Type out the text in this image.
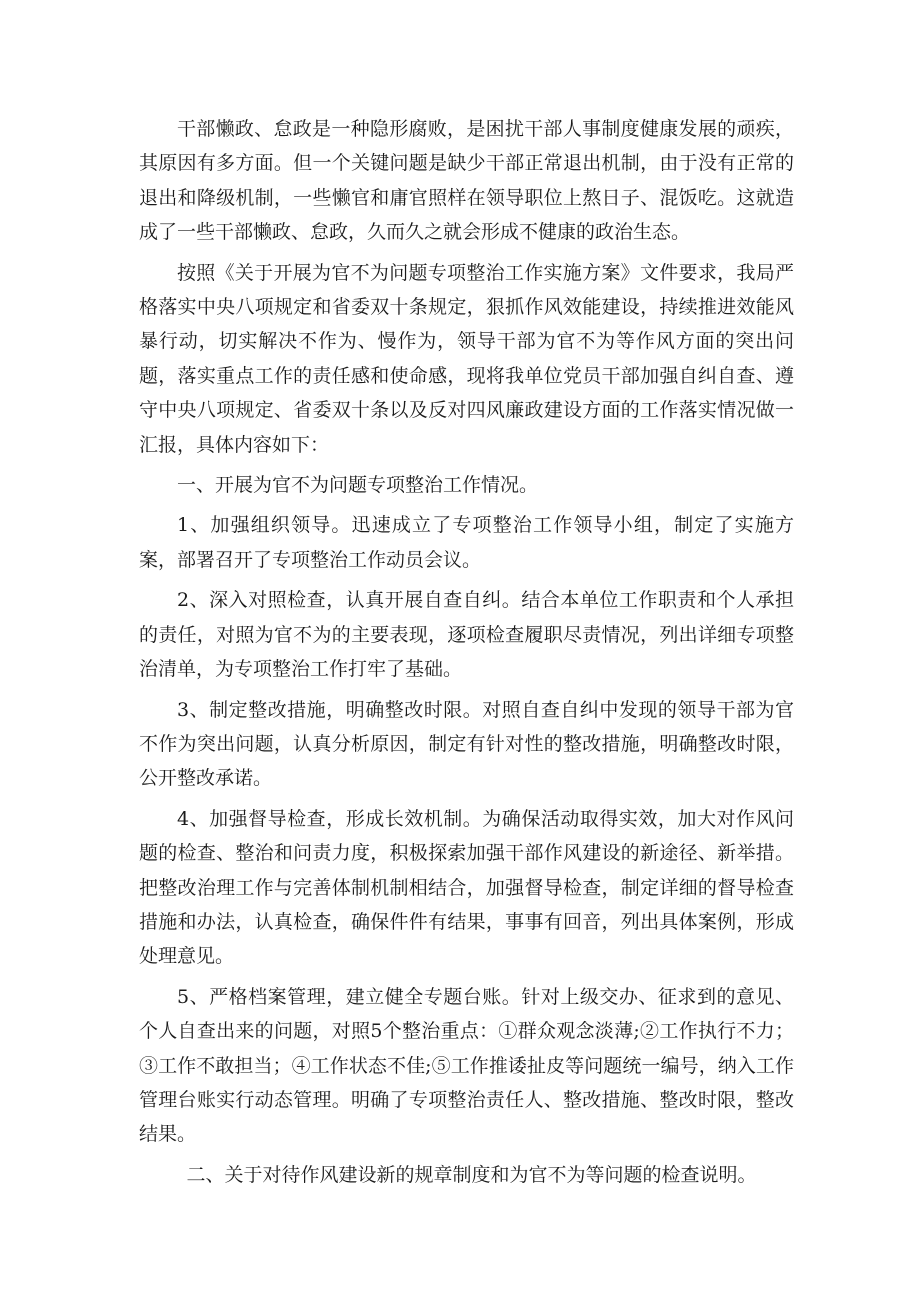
干部懒政、怠政是一种隐形腐败，是困扰干部人事制度健康发展的顽疾，其原因有多方面。但一个关键问题是缺少干部正常退出机制，由于没有正常的退出和降级机制，一些懒官和庸官照样在领导职位上熬日子、混饭吃。这就造成了一些干部懒政、怠政，久而久之就会形成不健康的政治生态。

按照《关于开展为官不为问题专项整治工作实施方案》文件要求，我局严格落实中央八项规定和省委双十条规定，狠抓作风效能建设，持续推进效能风暴行动，切实解决不作为、慢作为，领导干部为官不为等作风方面的突出问题，落实重点工作的责任感和使命感，现将我单位党员干部加强自纠自查、遵守中央八项规定、省委双十条以及反对四风廉政建设方面的工作落实情况做一汇报，具体内容如下：

一、开展为官不为问题专项整治工作情况。

1、加强组织领导。迅速成立了专项整治工作领导小组，制定了实施方案，部署召开了专项整治工作动员会议。

2、深入对照检查，认真开展自查自纠。结合本单位工作职责和个人承担的责任，对照为官不为的主要表现，逐项检查履职尽责情况，列出详细专项整治清单，为专项整治工作打牢了基础。

3、制定整改措施，明确整改时限。对照自查自纠中发现的领导干部为官不作为突出问题，认真分析原因，制定有针对性的整改措施，明确整改时限，公开整改承诺。

4、加强督导检查，形成长效机制。为确保活动取得实效，加大对作风问题的检查、整治和问责力度，积极探索加强干部作风建设的新途径、新举措。把整改治理工作与完善体制机制相结合，加强督导检查，制定详细的督导检查措施和办法，认真检查，确保件件有结果，事事有回音，列出具体案例，形成处理意见。

5、严格档案管理，建立健全专题台账。针对上级交办、征求到的意见、个人自查出来的问题，对照5个整治重点：①群众观念淡薄;②工作执行不力；③工作不敢担当；④工作状态不佳;⑤工作推诿扯皮等问题统一编号，纳入工作管理台账实行动态管理。明确了专项整治责任人、整改措施、整改时限，整改结果。

二、关于对待作风建设新的规章制度和为官不为等问题的检查说明。
